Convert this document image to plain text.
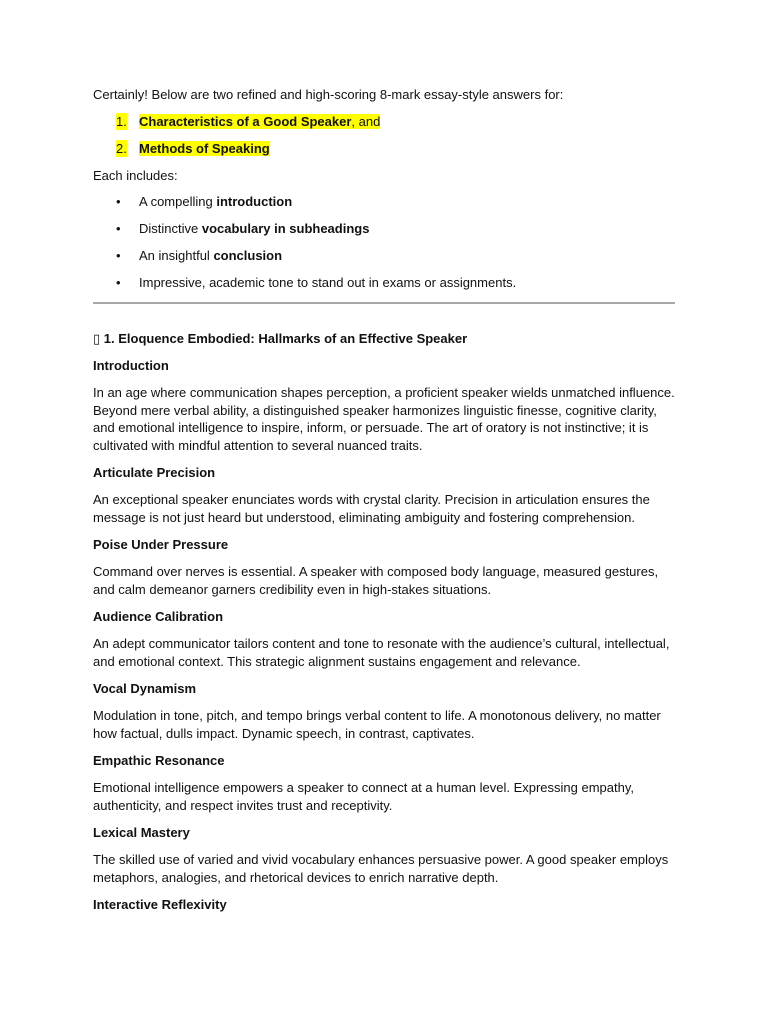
Certainly! Below are two refined and high-scoring 8-mark essay-style answers for:

1. Characteristics of a Good Speaker, and
2. Methods of Speaking

Each includes:

• A compelling introduction
• Distinctive vocabulary in subheadings
• An insightful conclusion
• Impressive, academic tone to stand out in exams or assignments.

▯ 1. Eloquence Embodied: Hallmarks of an Effective Speaker

Introduction

In an age where communication shapes perception, a proficient speaker wields unmatched influence. Beyond mere verbal ability, a distinguished speaker harmonizes linguistic finesse, cognitive clarity, and emotional intelligence to inspire, inform, or persuade. The art of oratory is not instinctive; it is cultivated with mindful attention to several nuanced traits.

Articulate Precision

An exceptional speaker enunciates words with crystal clarity. Precision in articulation ensures the message is not just heard but understood, eliminating ambiguity and fostering comprehension.

Poise Under Pressure

Command over nerves is essential. A speaker with composed body language, measured gestures, and calm demeanor garners credibility even in high-stakes situations.

Audience Calibration

An adept communicator tailors content and tone to resonate with the audience’s cultural, intellectual, and emotional context. This strategic alignment sustains engagement and relevance.

Vocal Dynamism

Modulation in tone, pitch, and tempo brings verbal content to life. A monotonous delivery, no matter how factual, dulls impact. Dynamic speech, in contrast, captivates.

Empathic Resonance

Emotional intelligence empowers a speaker to connect at a human level. Expressing empathy, authenticity, and respect invites trust and receptivity.

Lexical Mastery

The skilled use of varied and vivid vocabulary enhances persuasive power. A good speaker employs metaphors, analogies, and rhetorical devices to enrich narrative depth.

Interactive Reflexivity
